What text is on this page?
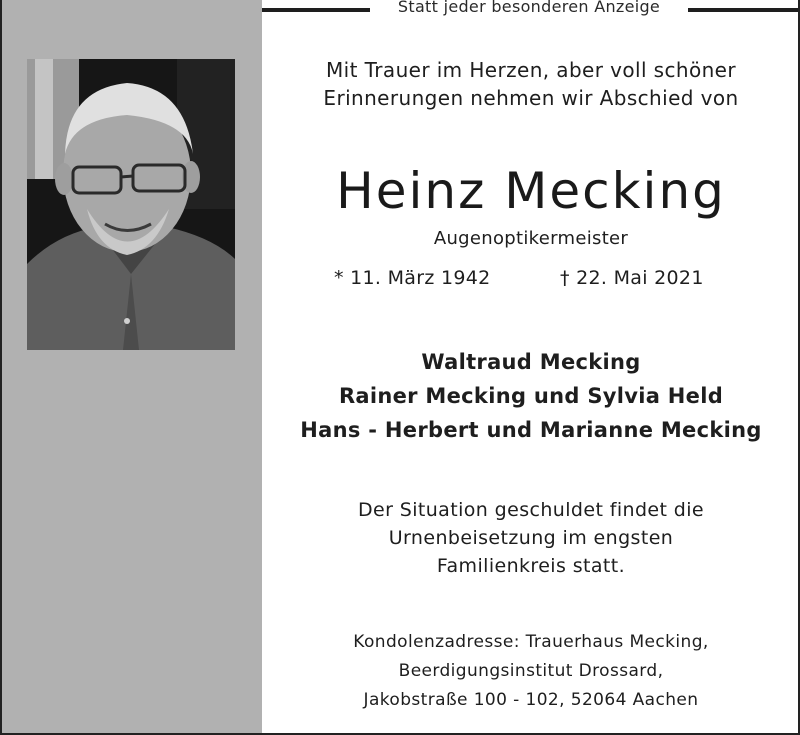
Statt jeder besonderen Anzeige
Mit Trauer im Herzen, aber voll schöner
Erinnerungen nehmen wir Abschied von
Heinz Mecking
Augenoptikermeister
* 11. März 1942	† 22. Mai 2021
Waltraud Mecking
Rainer Mecking und Sylvia Held
Hans - Herbert und Marianne Mecking
Der Situation geschuldet findet die
Urnenbeisetzung im engsten
Familienkreis statt.
Kondolenzadresse: Trauerhaus Mecking,
Beerdigungsinstitut Drossard,
Jakobstraße 100 - 102, 52064 Aachen
